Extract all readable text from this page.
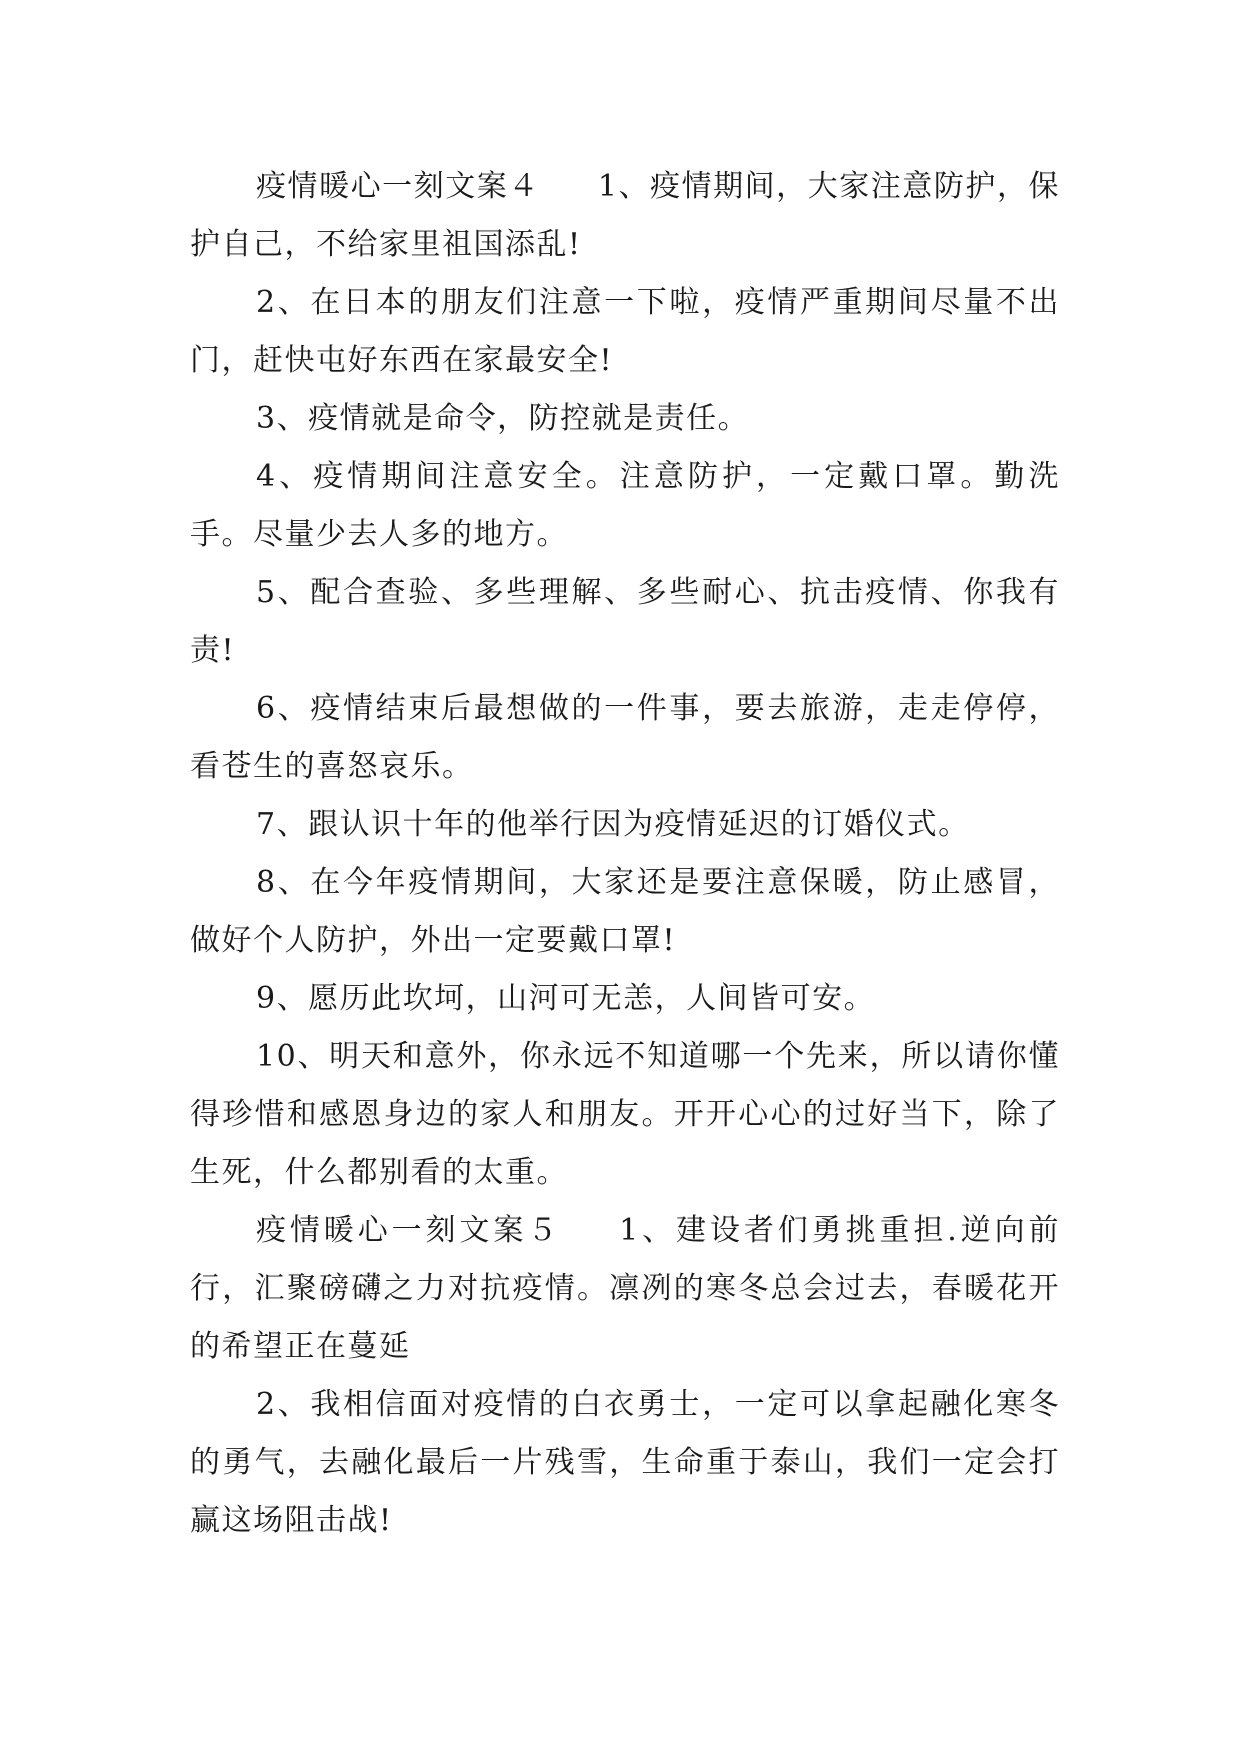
疫情暖心一刻文案４ 1、疫情期间，大家注意防护，保护自己，不给家里祖国添乱!

2、在日本的朋友们注意一下啦，疫情严重期间尽量不出门，赶快屯好东西在家最安全!

3、疫情就是命令，防控就是责任。

4、疫情期间注意安全。注意防护，一定戴口罩。勤洗手。尽量少去人多的地方。

5、配合查验、多些理解、多些耐心、抗击疫情、你我有责!

6、疫情结束后最想做的一件事，要去旅游，走走停停，看苍生的喜怒哀乐。

7、跟认识十年的他举行因为疫情延迟的订婚仪式。

8、在今年疫情期间，大家还是要注意保暖，防止感冒，做好个人防护，外出一定要戴口罩!

9、愿历此坎坷，山河可无恙，人间皆可安。

10、明天和意外，你永远不知道哪一个先来，所以请你懂得珍惜和感恩身边的家人和朋友。开开心心的过好当下，除了生死，什么都别看的太重。

疫情暖心一刻文案５ 1、建设者们勇挑重担.逆向前行，汇聚磅礴之力对抗疫情。凛冽的寒冬总会过去，春暖花开的希望正在蔓延

2、我相信面对疫情的白衣勇士，一定可以拿起融化寒冬的勇气，去融化最后一片残雪，生命重于泰山，我们一定会打赢这场阻击战!
